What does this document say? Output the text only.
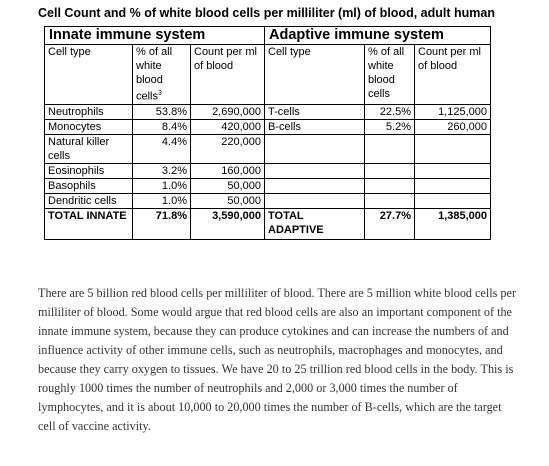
Cell Count and % of white blood cells per milliliter (ml) of blood, adult human
Innate immune system			Adaptive immune system		
Cell type	% of all white blood cells$^3$	Count per ml of blood	Cell type	% of all white blood cells	Count per ml of blood
Neutrophils	53.8%	2,690,000	T-cells	22.5%	1,125,000
Monocytes	8.4%	420,000	B-cells	5.2%	260,000
Natural killer cells	4.4%	220,000			
Eosinophils	3.2%	160,000			
Basophils	1.0%	50,000			
Dendritic cells	1.0%	50,000			
TOTAL INNATE	71.8%	3,590,000	TOTAL ADAPTIVE	27.7%	1,385,000

There are 5 billion red blood cells per milliliter of blood. There are 5 million white blood cells per milliliter of blood. Some would argue that red blood cells are also an important component of the innate immune system, because they can produce cytokines and can increase the numbers of and influence activity of other immune cells, such as neutrophils, macrophages and monocytes, and because they carry oxygen to tissues. We have 20 to 25 trillion red blood cells in the body. This is roughly 1000 times the number of neutrophils and 2,000 or 3,000 times the number of lymphocytes, and it is about 10,000 to 20,000 times the number of B-cells, which are the target cell of vaccine activity.
